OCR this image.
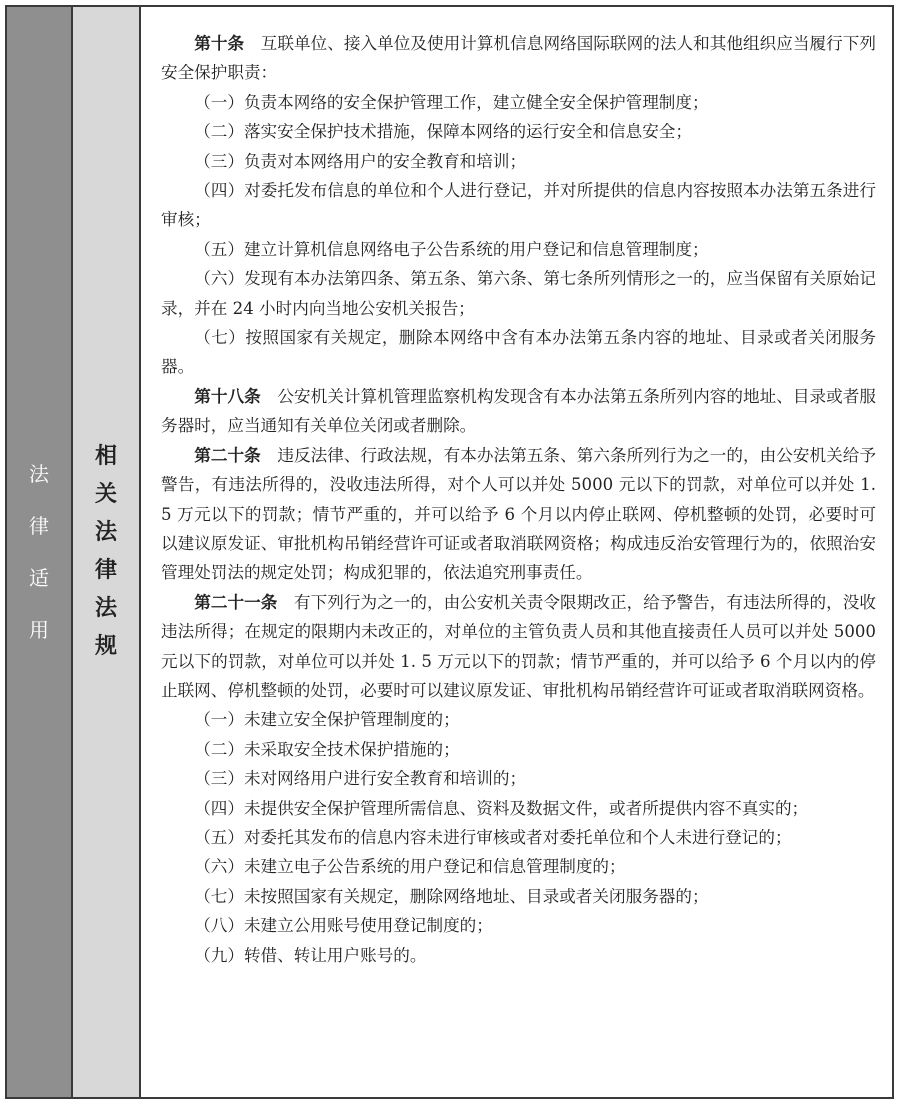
法
律
适
用
相
关
法
律
法
规

第十条　互联单位、接入单位及使用计算机信息网络国际联网的法人和其他组织应当履行下列安全保护职责：

（一）负责本网络的安全保护管理工作，建立健全安全保护管理制度；

（二）落实安全保护技术措施，保障本网络的运行安全和信息安全；

（三）负责对本网络用户的安全教育和培训；

（四）对委托发布信息的单位和个人进行登记，并对所提供的信息内容按照本办法第五条进行审核；

（五）建立计算机信息网络电子公告系统的用户登记和信息管理制度；

（六）发现有本办法第四条、第五条、第六条、第七条所列情形之一的，应当保留有关原始记录，并在 24 小时内向当地公安机关报告；

（七）按照国家有关规定，删除本网络中含有本办法第五条内容的地址、目录或者关闭服务器。

第十八条　公安机关计算机管理监察机构发现含有本办法第五条所列内容的地址、目录或者服务器时，应当通知有关单位关闭或者删除。

第二十条　违反法律、行政法规，有本办法第五条、第六条所列行为之一的，由公安机关给予警告，有违法所得的，没收违法所得，对个人可以并处 5000 元以下的罚款，对单位可以并处 1. 5 万元以下的罚款；情节严重的，并可以给予 6 个月以内停止联网、停机整顿的处罚，必要时可以建议原发证、审批机构吊销经营许可证或者取消联网资格；构成违反治安管理行为的，依照治安管理处罚法的规定处罚；构成犯罪的，依法追究刑事责任。

第二十一条　有下列行为之一的，由公安机关责令限期改正，给予警告，有违法所得的，没收违法所得；在规定的限期内未改正的，对单位的主管负责人员和其他直接责任人员可以并处 5000 元以下的罚款，对单位可以并处 1. 5 万元以下的罚款；情节严重的，并可以给予 6 个月以内的停止联网、停机整顿的处罚，必要时可以建议原发证、审批机构吊销经营许可证或者取消联网资格。

（一）未建立安全保护管理制度的；

（二）未采取安全技术保护措施的；

（三）未对网络用户进行安全教育和培训的；

（四）未提供安全保护管理所需信息、资料及数据文件，或者所提供内容不真实的；

（五）对委托其发布的信息内容未进行审核或者对委托单位和个人未进行登记的；

（六）未建立电子公告系统的用户登记和信息管理制度的；

（七）未按照国家有关规定，删除网络地址、目录或者关闭服务器的；

（八）未建立公用账号使用登记制度的；

（九）转借、转让用户账号的。
